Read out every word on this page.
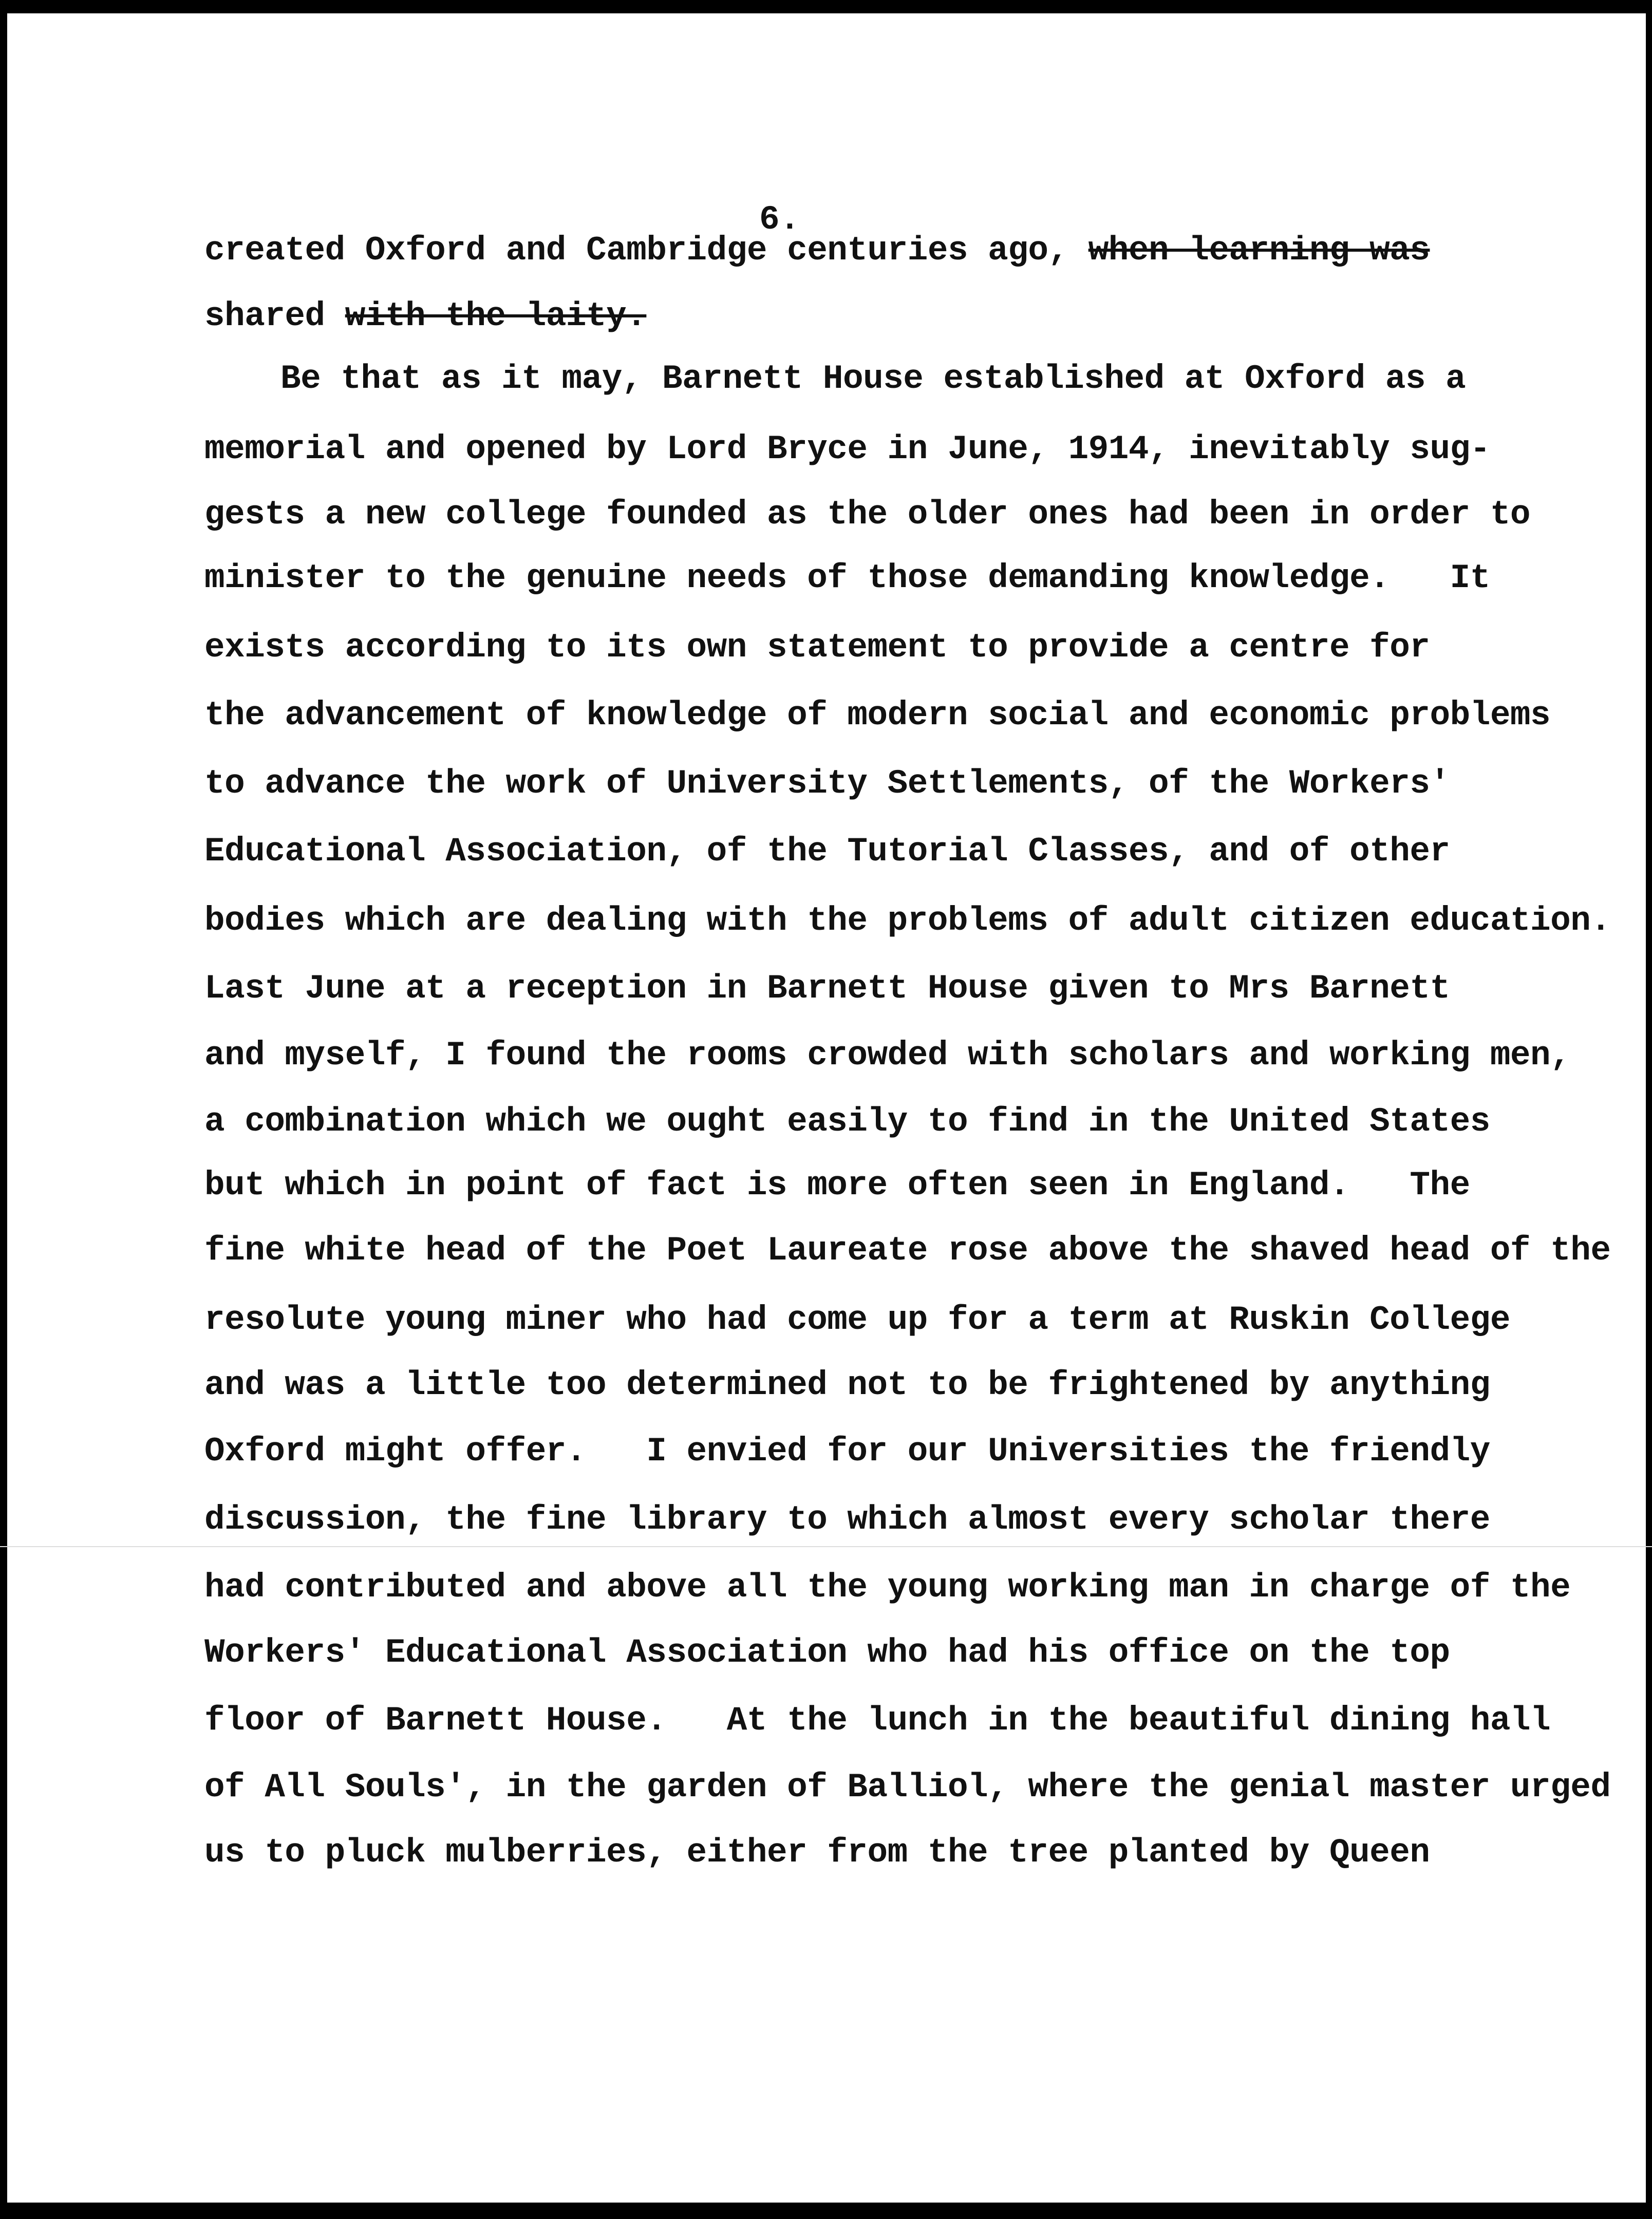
6.
created Oxford and Cambridge centuries ago, when learning was
shared with the laity.
Be that as it may, Barnett House established at Oxford as a
memorial and opened by Lord Bryce in June, 1914, inevitably sug-
gests a new college founded as the older ones had been in order to
minister to the genuine needs of those demanding knowledge.   It
exists according to its own statement to provide a centre for
the advancement of knowledge of modern social and economic problems
to advance the work of University Settlements, of the Workers'
Educational Association, of the Tutorial Classes, and of other
bodies which are dealing with the problems of adult citizen education.
Last June at a reception in Barnett House given to Mrs Barnett
and myself, I found the rooms crowded with scholars and working men,
a combination which we ought easily to find in the United States
but which in point of fact is more often seen in England.   The
fine white head of the Poet Laureate rose above the shaved head of the
resolute young miner who had come up for a term at Ruskin College
and was a little too determined not to be frightened by anything
Oxford might offer.   I envied for our Universities the friendly
discussion, the fine library to which almost every scholar there
had contributed and above all the young working man in charge of the
Workers' Educational Association who had his office on the top
floor of Barnett House.   At the lunch in the beautiful dining hall
of All Souls', in the garden of Balliol, where the genial master urged
us to pluck mulberries, either from the tree planted by Queen
